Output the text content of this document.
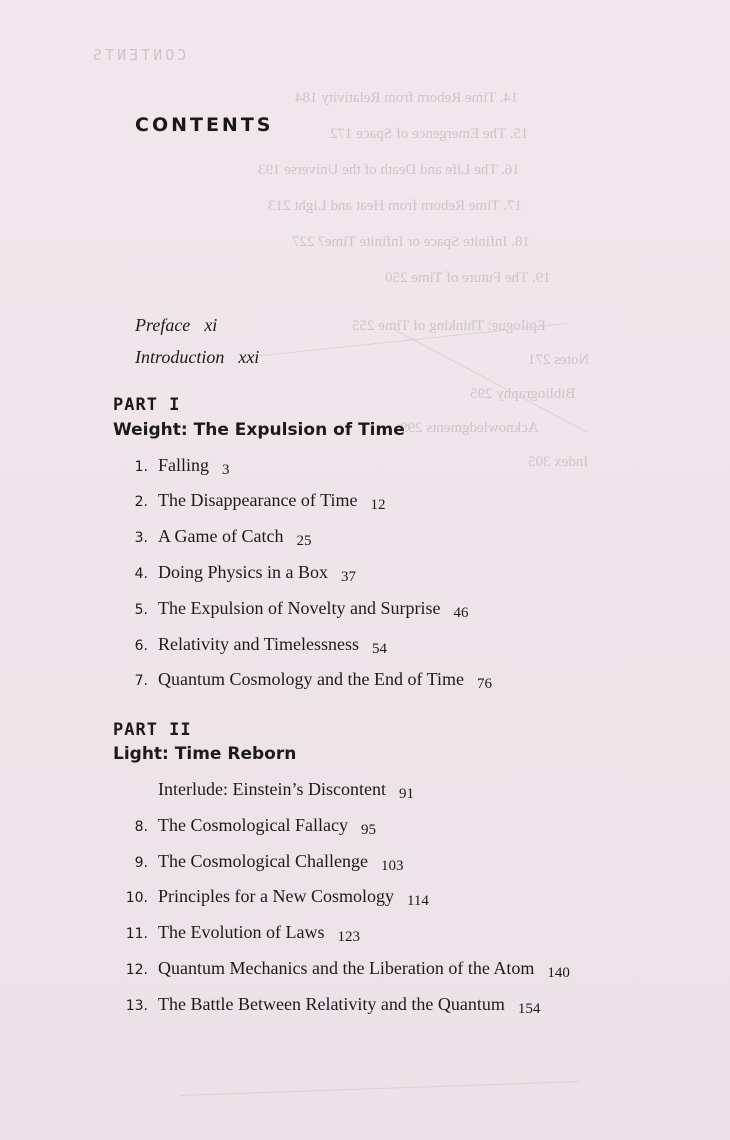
CONTENTS
14. Time Reborn from Relativity 184
15. The Emergence of Space 172
16. The Life and Death of the Universe 193
17. Time Reborn from Heat and Light 213
18. Infinite Space or Infinite Time? 227
19. The Future of Time 250
Epilogue: Thinking of Time 255
Notes 271
Bibliography 295
Acknowledgments 299
Index 305
CONTENTS
Preface xi
Introduction xxi
PART I
Weight: The Expulsion of Time
1. Falling 3
2. The Disappearance of Time 12
3. A Game of Catch 25
4. Doing Physics in a Box 37
5. The Expulsion of Novelty and Surprise 46
6. Relativity and Timelessness 54
7. Quantum Cosmology and the End of Time 76
PART II
Light: Time Reborn
Interlude: Einstein’s Discontent 91
8. The Cosmological Fallacy 95
9. The Cosmological Challenge 103
10. Principles for a New Cosmology 114
11. The Evolution of Laws 123
12. Quantum Mechanics and the Liberation of the Atom 140
13. The Battle Between Relativity and the Quantum 154
